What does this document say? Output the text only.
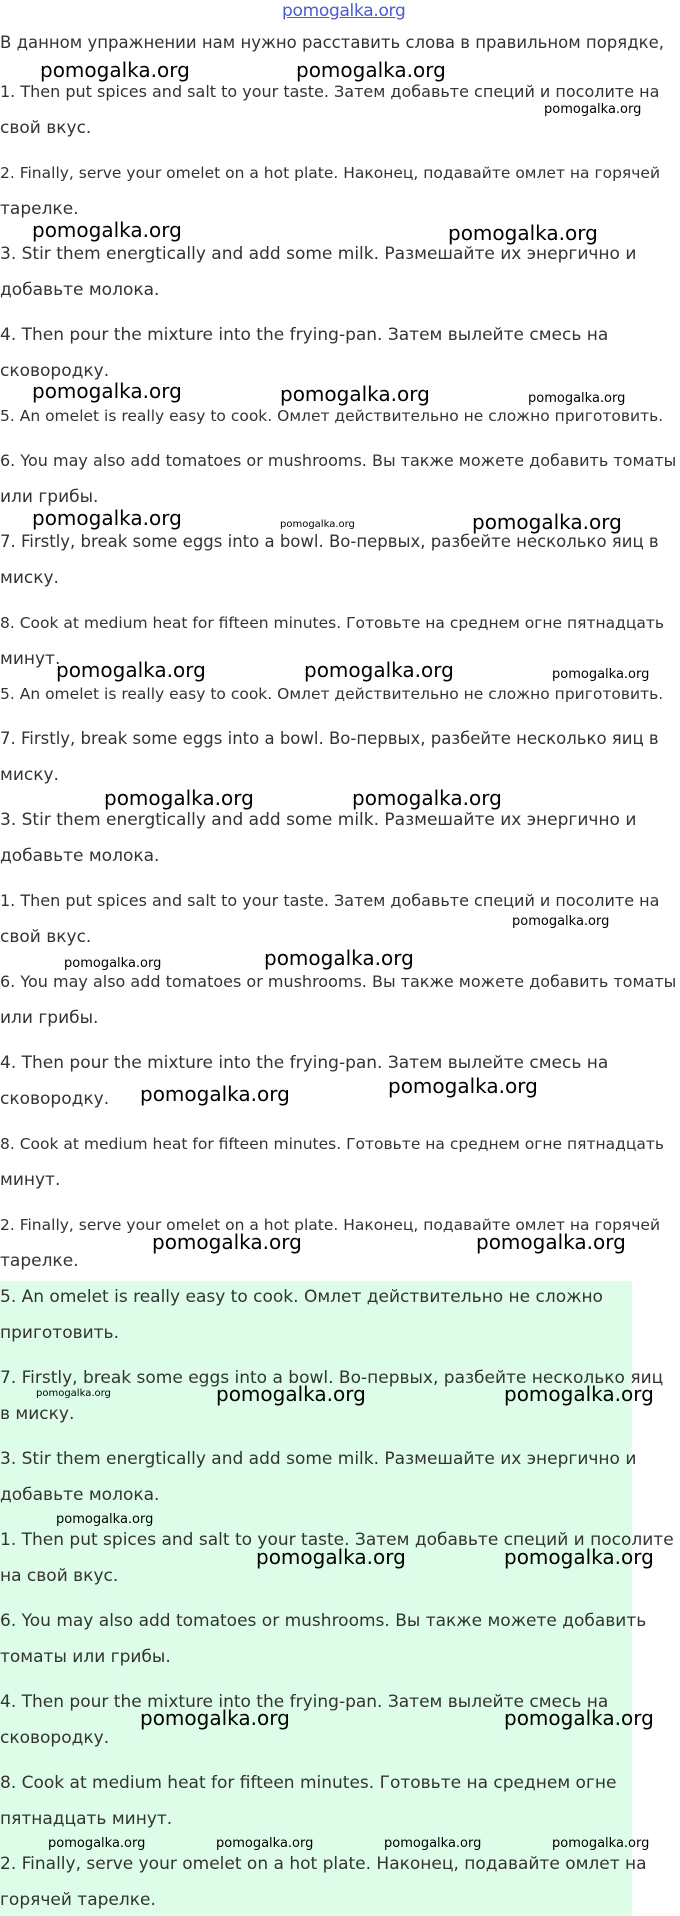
pomogalka.org
В данном упражнении нам нужно расставить слова в правильном порядке,
1. Then put spices and salt to your taste. Затем добавьте специй и посолите на
свой вкус.
2. Finally, serve your omelet on a hot plate. Наконец, подавайте омлет на горячей
тарелке.
3. Stir them energtically and add some milk. Размешайте их энергично и
добавьте молока.
4. Then pour the mixture into the frying-pan. Затем вылейте смесь на
сковородку.
5. An omelet is really easy to cook. Омлет действительно не сложно приготовить.
6. You may also add tomatoes or mushrooms. Вы также можете добавить томаты
или грибы.
7. Firstly, break some eggs into a bowl. Во-первых, разбейте несколько яиц в
миску.
8. Cook at medium heat for fifteen minutes. Готовьте на среднем огне пятнадцать
минут.
5. An omelet is really easy to cook. Омлет действительно не сложно приготовить.
7. Firstly, break some eggs into a bowl. Во-первых, разбейте несколько яиц в
миску.
3. Stir them energtically and add some milk. Размешайте их энергично и
добавьте молока.
1. Then put spices and salt to your taste. Затем добавьте специй и посолите на
свой вкус.
6. You may also add tomatoes or mushrooms. Вы также можете добавить томаты
или грибы.
4. Then pour the mixture into the frying-pan. Затем вылейте смесь на
сковородку.
8. Cook at medium heat for fifteen minutes. Готовьте на среднем огне пятнадцать
минут.
2. Finally, serve your omelet on a hot plate. Наконец, подавайте омлет на горячей
тарелке.
5. An omelet is really easy to cook. Омлет действительно не сложно
приготовить.
7. Firstly, break some eggs into a bowl. Во-первых, разбейте несколько яиц
в миску.
3. Stir them energtically and add some milk. Размешайте их энергично и
добавьте молока.
1. Then put spices and salt to your taste. Затем добавьте специй и посолите
на свой вкус.
6. You may also add tomatoes or mushrooms. Вы также можете добавить
томаты или грибы.
4. Then pour the mixture into the frying-pan. Затем вылейте смесь на
сковородку.
8. Cook at medium heat for fifteen minutes. Готовьте на среднем огне
пятнадцать минут.
2. Finally, serve your omelet on a hot plate. Наконец, подавайте омлет на
горячей тарелке.
pomogalka.org	pomogalka.org
pomogalka.org
pomogalka.org	pomogalka.org
pomogalka.org	pomogalka.org	pomogalka.org
pomogalka.org	pomogalka.org	pomogalka.org
pomogalka.org	pomogalka.org	pomogalka.org
pomogalka.org	pomogalka.org
pomogalka.org
pomogalka.org	pomogalka.org
pomogalka.org	pomogalka.org
pomogalka.org	pomogalka.org
pomogalka.org	pomogalka.org	pomogalka.org
pomogalka.org
pomogalka.org	pomogalka.org
pomogalka.org	pomogalka.org
pomogalka.org	pomogalka.org	pomogalka.org	pomogalka.org
